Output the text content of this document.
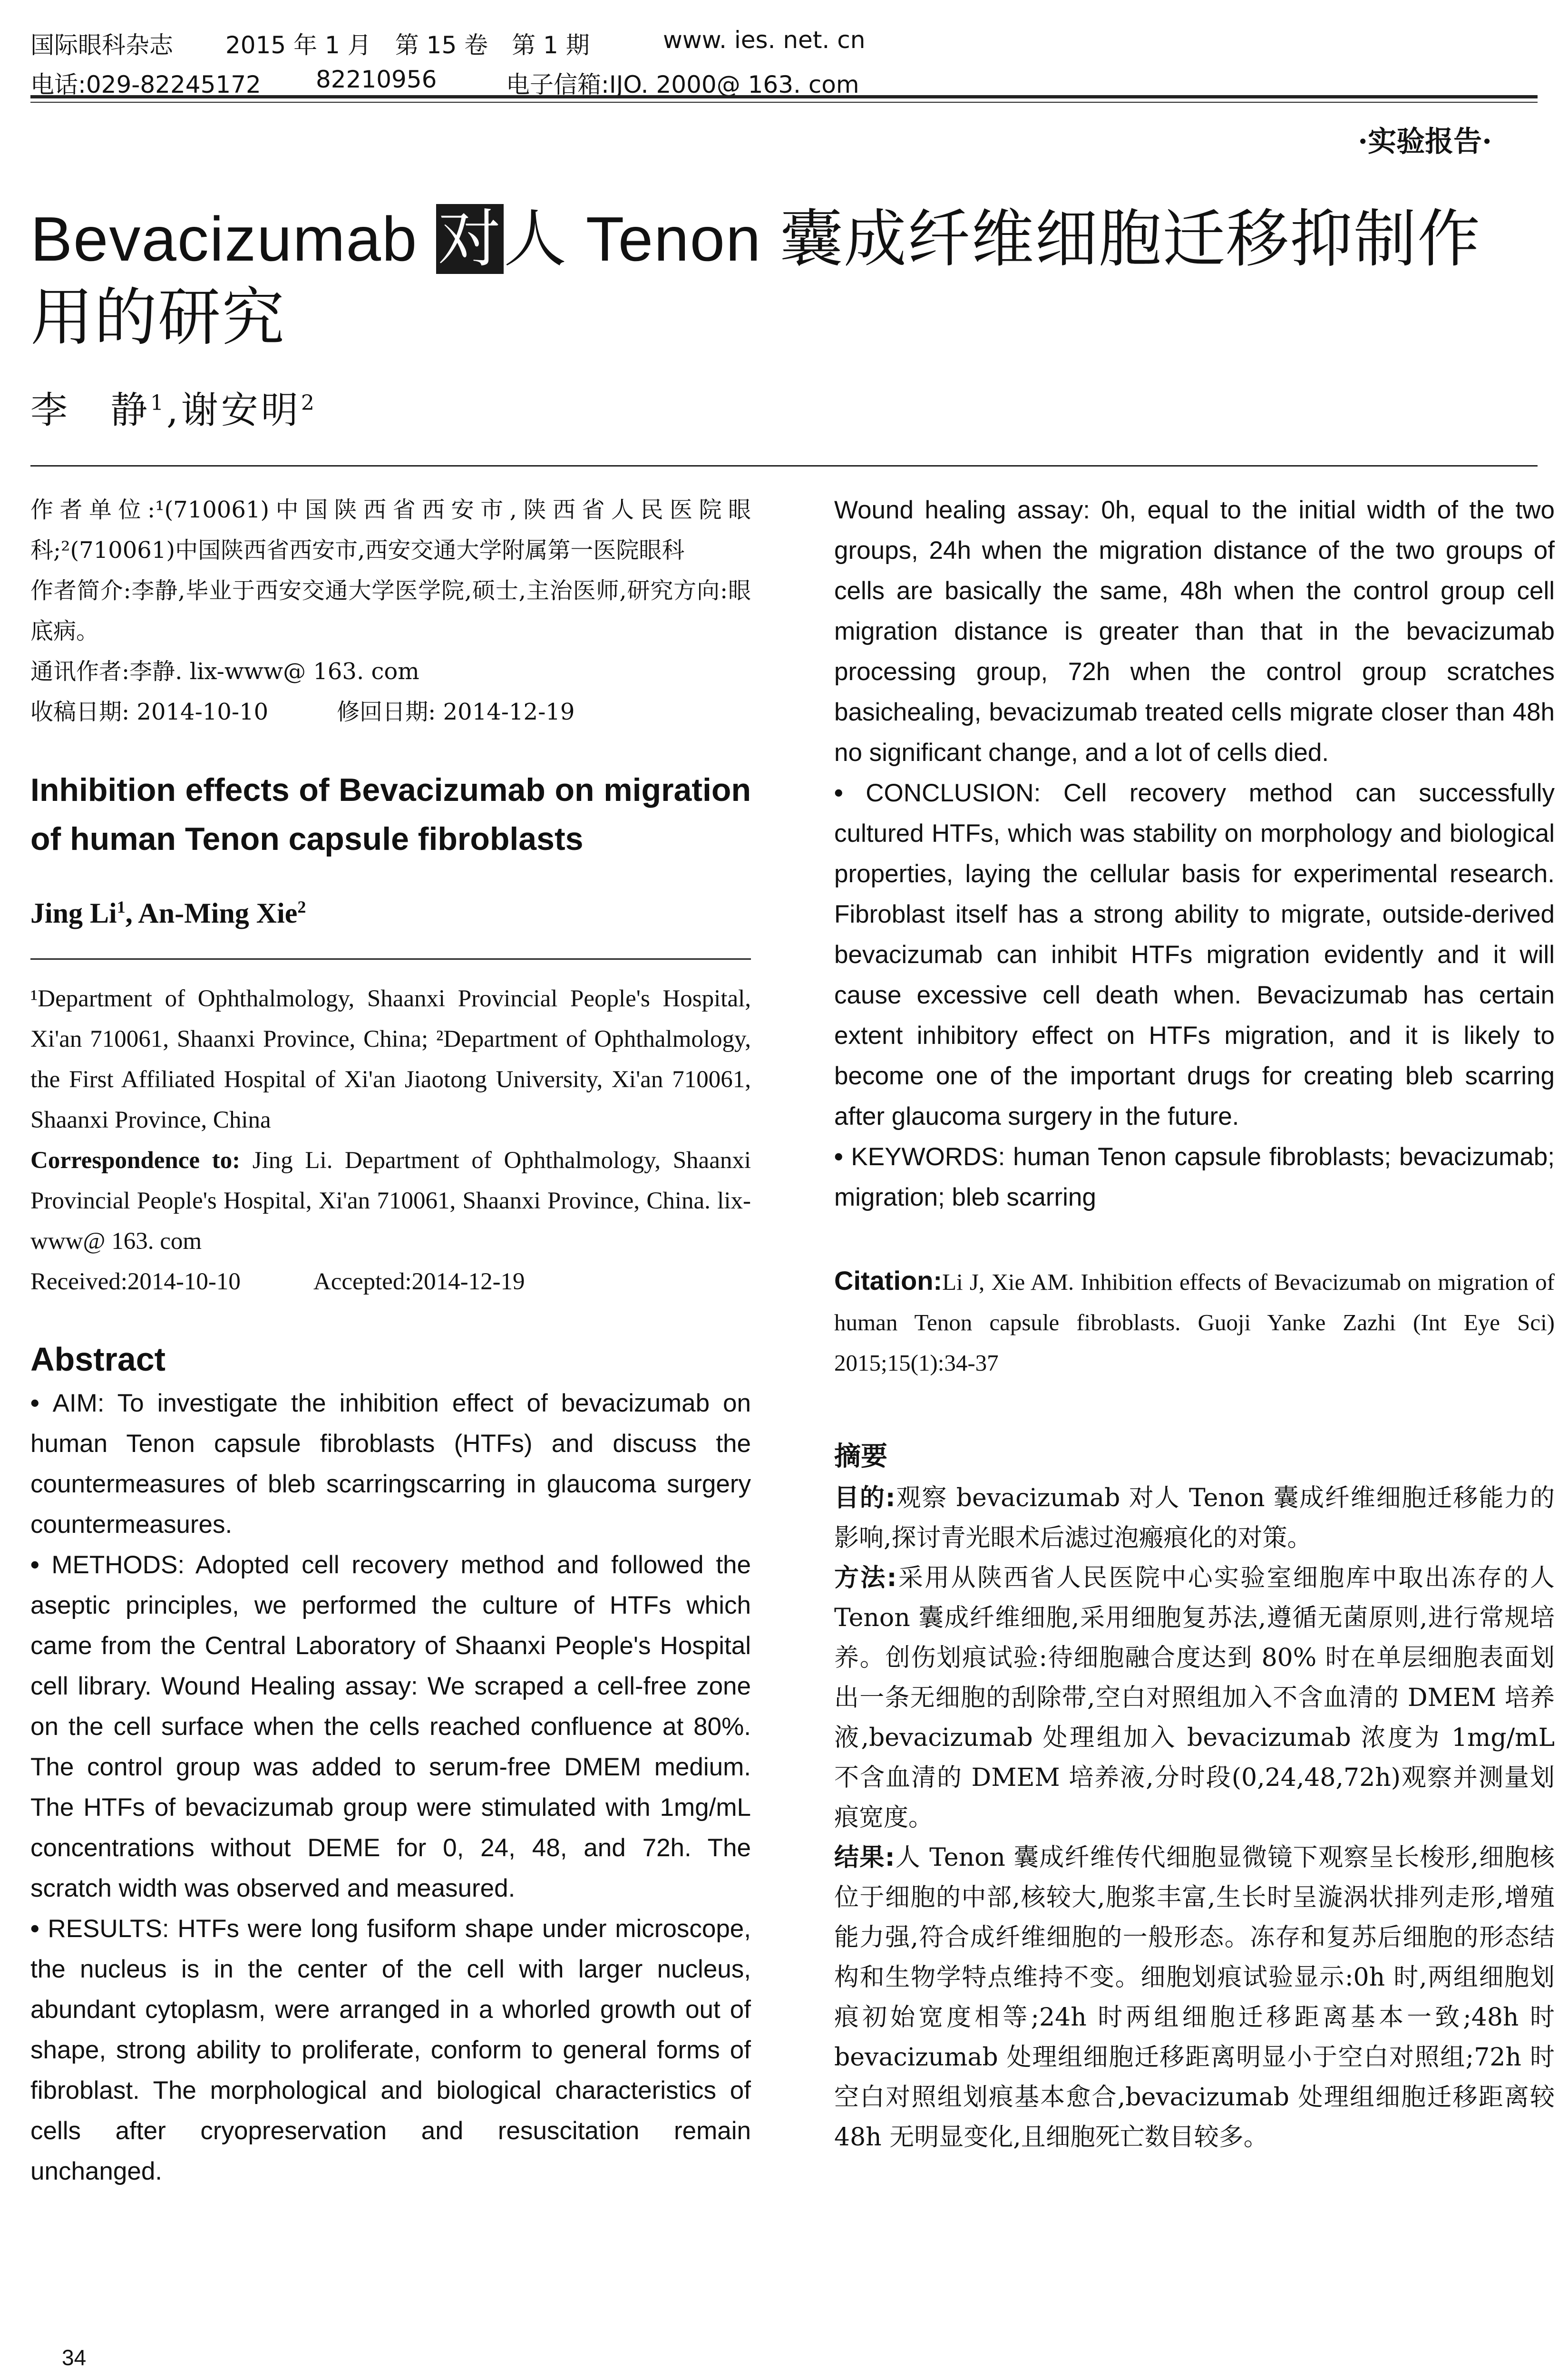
国际眼科杂志 2015 年 1 月　第 15 卷　第 1 期	www. ies. net. cn
电话:029-82245172 82210956	电子信箱:IJO. 2000@ 163. com
·实验报告·
Bevacizumab 对人 Tenon 囊成纤维细胞迁移抑制作用的研究
李　静$^1$,谢安明$^2$

作者单位:¹(710061)中国陕西省西安市,陕西省人民医院眼科;²(710061)中国陕西省西安市,西安交通大学附属第一医院眼科

作者简介:李静,毕业于西安交通大学医学院,硕士,主治医师,研究方向:眼底病。

通讯作者:李静. lix-www@ 163. com

收稿日期: 2014-10-10　　　修回日期: 2014-12-19

Inhibition effects of Bevacizumab on migration of human Tenon capsule fibroblasts
Jing Li$^1$, An-Ming Xie$^2$

¹Department of Ophthalmology, Shaanxi Provincial People's Hospital, Xi'an 710061, Shaanxi Province, China; ²Department of Ophthalmology, the First Affiliated Hospital of Xi'an Jiaotong University, Xi'an 710061, Shaanxi Province, China

Correspondence to: Jing Li. Department of Ophthalmology, Shaanxi Provincial People's Hospital, Xi'an 710061, Shaanxi Province, China. lix-www@ 163. com

Received:2014-10-10　　　Accepted:2014-12-19

Abstract

• AIM: To investigate the inhibition effect of bevacizumab on human Tenon capsule fibroblasts (HTFs) and discuss the countermeasures of bleb scarringscarring in glaucoma surgery countermeasures.

• METHODS: Adopted cell recovery method and followed the aseptic principles, we performed the culture of HTFs which came from the Central Laboratory of Shaanxi People's Hospital cell library. Wound Healing assay: We scraped a cell-free zone on the cell surface when the cells reached confluence at 80%. The control group was added to serum-free DMEM medium. The HTFs of bevacizumab group were stimulated with 1mg/mL concentrations without DEME for 0, 24, 48, and 72h. The scratch width was observed and measured.

• RESULTS: HTFs were long fusiform shape under microscope, the nucleus is in the center of the cell with larger nucleus, abundant cytoplasm, were arranged in a whorled growth out of shape, strong ability to proliferate, conform to general forms of fibroblast. The morphological and biological characteristics of cells after cryopreservation and resuscitation remain unchanged.

Wound healing assay: 0h, equal to the initial width of the two groups, 24h when the migration distance of the two groups of cells are basically the same, 48h when the control group cell migration distance is greater than that in the bevacizumab processing group, 72h when the control group scratches basichealing, bevacizumab treated cells migrate closer than 48h no significant change, and a lot of cells died.

• CONCLUSION: Cell recovery method can successfully cultured HTFs, which was stability on morphology and biological properties, laying the cellular basis for experimental research. Fibroblast itself has a strong ability to migrate, outside-derived bevacizumab can inhibit HTFs migration evidently and it will cause excessive cell death when. Bevacizumab has certain extent inhibitory effect on HTFs migration, and it is likely to become one of the important drugs for creating bleb scarring after glaucoma surgery in the future.

• KEYWORDS: human Tenon capsule fibroblasts; bevacizumab; migration; bleb scarring

Citation:Li J, Xie AM. Inhibition effects of Bevacizumab on migration of human Tenon capsule fibroblasts. Guoji Yanke Zazhi (Int Eye Sci) 2015;15(1):34-37

摘要

目的:观察 bevacizumab 对人 Tenon 囊成纤维细胞迁移能力的影响,探讨青光眼术后滤过泡瘢痕化的对策。

方法:采用从陕西省人民医院中心实验室细胞库中取出冻存的人 Tenon 囊成纤维细胞,采用细胞复苏法,遵循无菌原则,进行常规培养。创伤划痕试验:待细胞融合度达到 80% 时在单层细胞表面划出一条无细胞的刮除带,空白对照组加入不含血清的 DMEM 培养液,bevacizumab 处理组加入 bevacizumab 浓度为 1mg/mL 不含血清的 DMEM 培养液,分时段(0,24,48,72h)观察并测量划痕宽度。

结果:人 Tenon 囊成纤维传代细胞显微镜下观察呈长梭形,细胞核位于细胞的中部,核较大,胞浆丰富,生长时呈漩涡状排列走形,增殖能力强,符合成纤维细胞的一般形态。冻存和复苏后细胞的形态结构和生物学特点维持不变。细胞划痕试验显示:0h 时,两组细胞划痕初始宽度相等;24h 时两组细胞迁移距离基本一致;48h 时 bevacizumab 处理组细胞迁移距离明显小于空白对照组;72h 时空白对照组划痕基本愈合,bevacizumab 处理组细胞迁移距离较 48h 无明显变化,且细胞死亡数目较多。

34
